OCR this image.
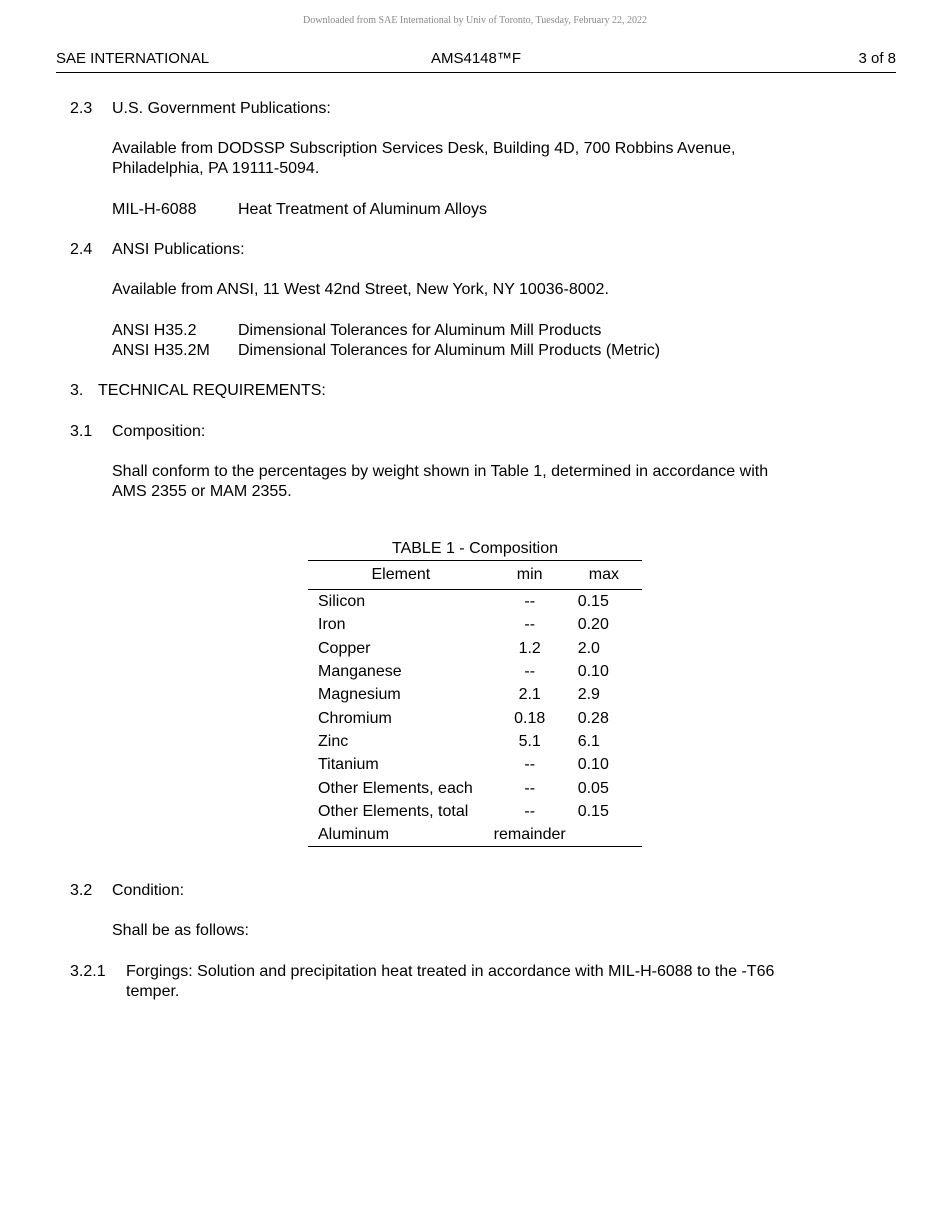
Downloaded from SAE International by Univ of Toronto, Tuesday, February 22, 2022
SAE INTERNATIONAL	AMS4148™F	3 of 8
2.3 U.S. Government Publications:
Available from DODSSP Subscription Services Desk, Building 4D, 700 Robbins Avenue,
Philadelphia, PA 19111-5094.
MIL-H-6088	Heat Treatment of Aluminum Alloys
2.4 ANSI Publications:
Available from ANSI, 11 West 42nd Street, New York, NY 10036-8002.
ANSI H35.2	Dimensional Tolerances for Aluminum Mill Products
ANSI H35.2M Dimensional Tolerances for Aluminum Mill Products (Metric)
3. TECHNICAL REQUIREMENTS:
3.1 Composition:
Shall conform to the percentages by weight shown in Table 1, determined in accordance with
AMS 2355 or MAM 2355.
TABLE 1 - Composition
Element	min	max
Silicon	--	0.15
Iron	--	0.20
Copper	1.2	2.0
Manganese	--	0.10
Magnesium	2.1	2.9
Chromium	0.18	0.28
Zinc	5.1	6.1
Titanium	--	0.10
Other Elements, each	--	0.05
Other Elements, total	--	0.15
Aluminum	remainder	
3.2 Condition:
Shall be as follows:
3.2.1 Forgings: Solution and precipitation heat treated in accordance with MIL-H-6088 to the -T66
temper.
